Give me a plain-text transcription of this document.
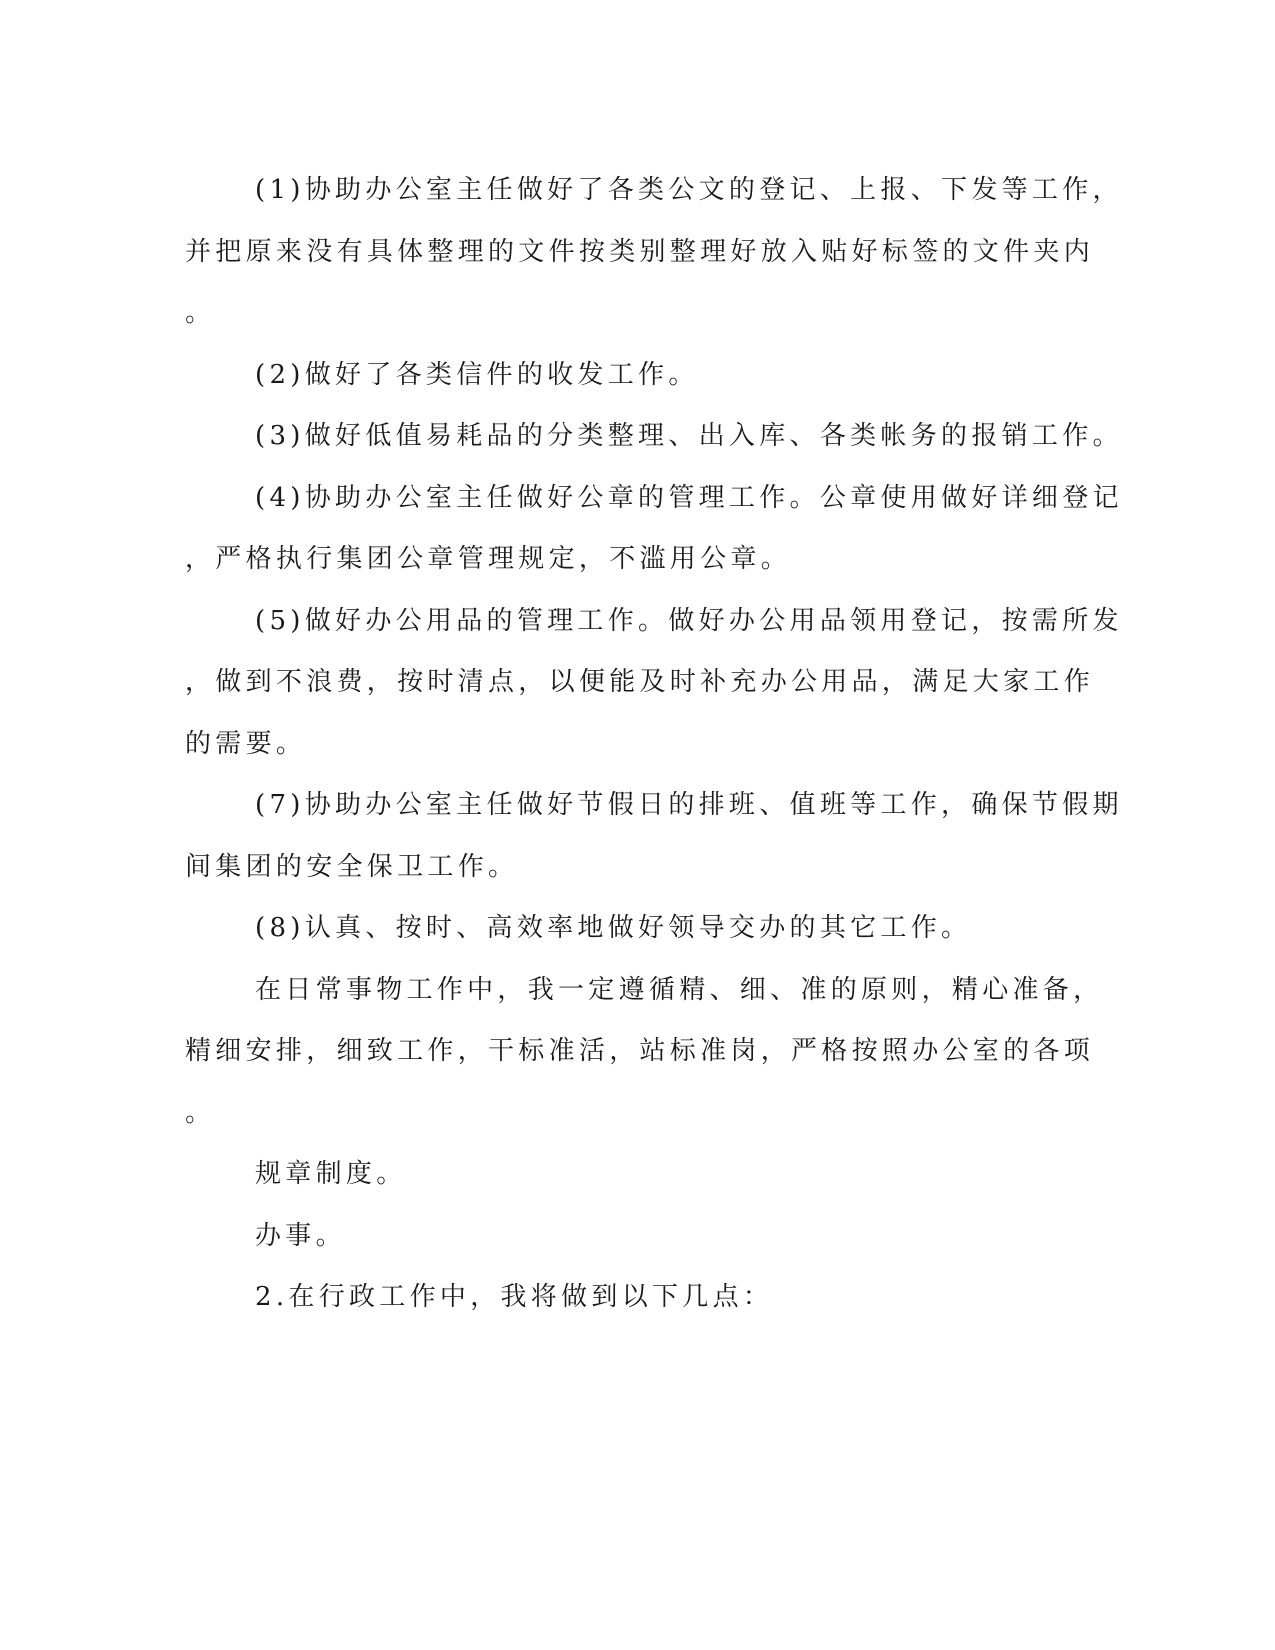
(1)协助办公室主任做好了各类公文的登记、上报、下发等工作，

并把原来没有具体整理的文件按类别整理好放入贴好标签的文件夹内

。

(2)做好了各类信件的收发工作。

(3)做好低值易耗品的分类整理、出入库、各类帐务的报销工作。

(4)协助办公室主任做好公章的管理工作。公章使用做好详细登记

，严格执行集团公章管理规定，不滥用公章。

(5)做好办公用品的管理工作。做好办公用品领用登记，按需所发

，做到不浪费，按时清点，以便能及时补充办公用品，满足大家工作

的需要。

(7)协助办公室主任做好节假日的排班、值班等工作，确保节假期

间集团的安全保卫工作。

(8)认真、按时、高效率地做好领导交办的其它工作。

在日常事物工作中，我一定遵循精、细、准的原则，精心准备，

精细安排，细致工作，干标准活，站标准岗，严格按照办公室的各项

。

规章制度。

办事。

2.在行政工作中，我将做到以下几点：
